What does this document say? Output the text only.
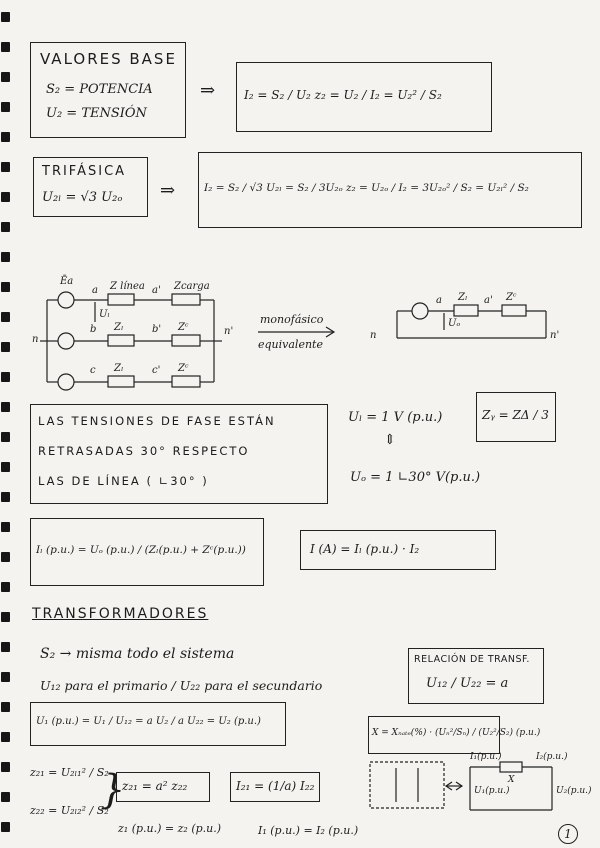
VALORES BASE
S₂ = POTENCIA
U₂ = TENSIÓN
⇒ I₂ = S₂ / U₂ z₂ = U₂ / I₂ = U₂² / S₂
TRIFÁSICA
U₂ₗ = √3 U₂ₒ ⇒	I₂ = S₂ / √3 U₂ₗ = S₂ / 3U₂ₒ z₂ = U₂ₒ / I₂ = 3U₂ₒ² / S₂ = U₂ₗ² / S₂
Ēa
a Z línea a' Zcarga
Uₗ
b Zₗ	b' Zᶜ
c Zₗ	c' Zᶜ
n
n'
monofásico
equivalente
a Zₗ a' Zᶜ
Uₒ
n	n'
LAS TENSIONES DE FASE ESTÁN
RETRASADAS 30° RESPECTO
LAS DE LÍNEA ( ∟30° )
Uₗ = 1 V (p.u.)
⇕
Uₒ = 1 ∟30° V(p.u.)
Zᵧ = ZΔ / 3
Iₗ (p.u.) = Uₒ (p.u.) / (Zₗ(p.u.) + Zᶜ(p.u.))	I (A) = Iₗ (p.u.) · I₂
TRANSFORMADORES
S₂ → misma todo el sistema
U₁₂ para el primario / U₂₂ para el secundario
RELACIÓN DE TRANSF.
U₁₂ / U₂₂ = a
U₁ (p.u.) = U₁ / U₁₂ = a U₂ / a U₂₂ = U₂ (p.u.)
X = Xₙₐₜₑ(%) · (Uₙ²/Sₙ) / (U₂²/S₂) (p.u.)
z₂₁ = U₂ₗ₁² / S₂
z₂₂ = U₂ₗ₂² / S₂
}
z₂₁ = a² z₂₂
z₁ (p.u.) = z₂ (p.u.)
I₂₁ = (1/a) I₂₂
I₁ (p.u.) = I₂ (p.u.)
I₁(p.u.)	I₂(p.u.)
X
U₁(p.u.)	U₂(p.u.)
1
